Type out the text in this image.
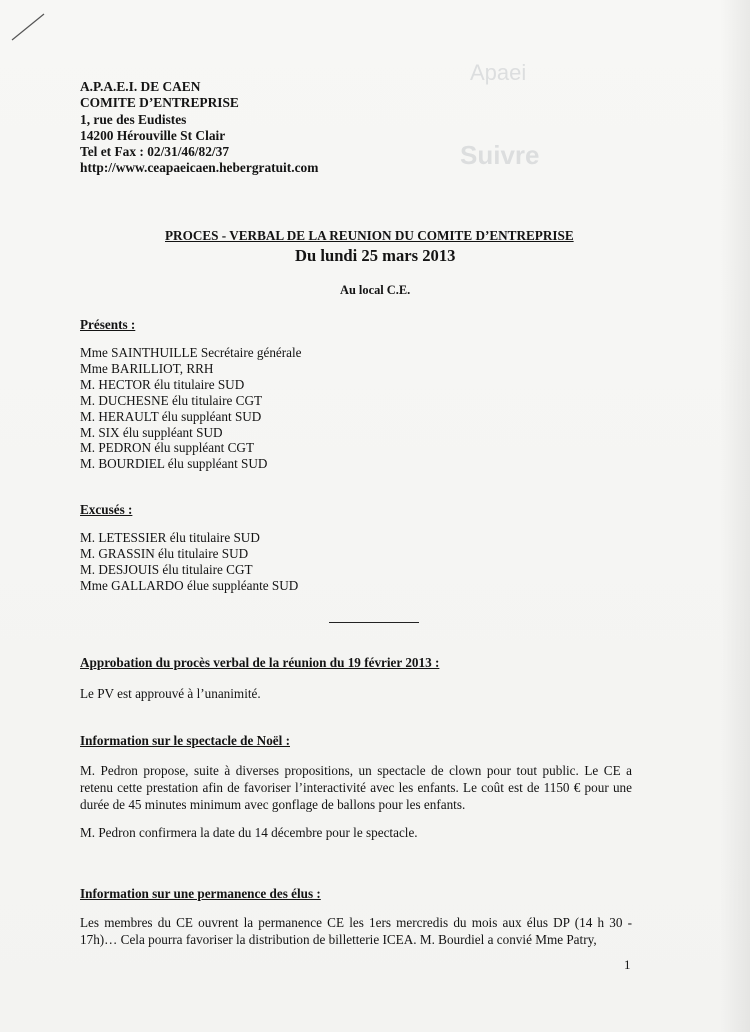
Apaei

Suivre
A.P.A.E.I. DE CAEN
COMITE D’ENTREPRISE
1, rue des Eudistes
14200 Hérouville St Clair
Tel et Fax : 02/31/46/82/37
http://www.ceapaeicaen.hebergratuit.com
PROCES - VERBAL DE LA REUNION DU COMITE D’ENTREPRISE
Du lundi 25 mars 2013
Au local C.E.
Présents :
Mme SAINTHUILLE Secrétaire générale
Mme BARILLIOT, RRH
M. HECTOR élu titulaire SUD
M. DUCHESNE élu titulaire CGT
M. HERAULT élu suppléant SUD
M. SIX élu suppléant SUD
M. PEDRON élu suppléant CGT
M. BOURDIEL élu suppléant SUD
Excusés :
M. LETESSIER élu titulaire SUD
M. GRASSIN élu titulaire SUD
M. DESJOUIS élu titulaire CGT
Mme GALLARDO élue suppléante SUD
Approbation du procès verbal de la réunion du 19 février 2013 :
Le PV est approuvé à l’unanimité.
Information sur le spectacle de Noël :
M. Pedron propose, suite à diverses propositions, un spectacle de clown pour tout public. Le CE a retenu cette prestation afin de favoriser l’interactivité avec les enfants. Le coût est de 1150 € pour une durée de 45 minutes minimum avec gonflage de ballons pour les enfants.
M. Pedron confirmera la date du 14 décembre pour le spectacle.
Information sur une permanence des élus :
Les membres du CE ouvrent la permanence CE les 1ers mercredis du mois aux élus DP (14 h 30 - 17h)… Cela pourra favoriser la distribution de billetterie ICEA. M. Bourdiel a convié Mme Patry,
1
